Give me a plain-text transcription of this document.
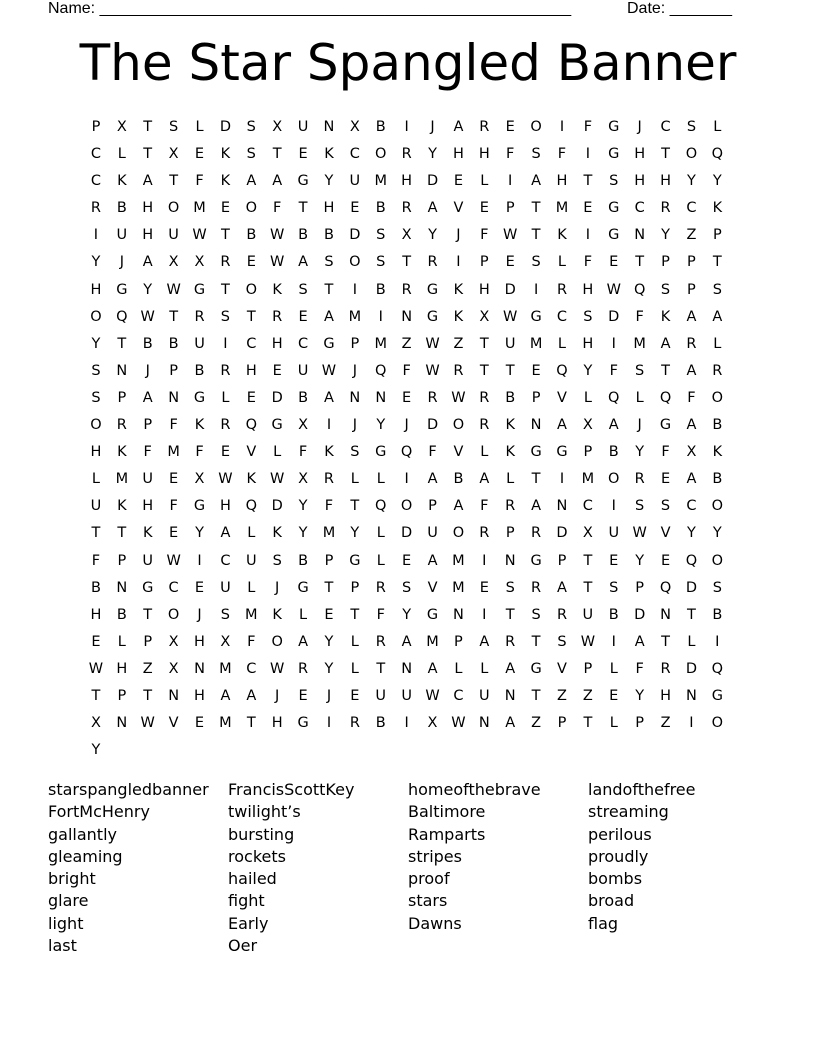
Name: _____________________________________________________	Date: _______
The Star Spangled Banner
P	X	T	S	L	D	S	X	U	N	X	B	I	J	A	R	E	O	I	F	G	J	C	S	L
C	L	T	X	E	K	S	T	E	K	C	O	R	Y	H	H	F	S	F	I	G	H	T	O Q
C	K	A	T	F	K	A	A	G	Y	U M H	D	E	L	I	A	H	T	S	H	H	Y	Y
R	B	H	O M	E	O	F	T	H	E	B	R	A	V	E	P	T	M	E	G	C	R	C	K
I	U	H	U W T	B W B	B	D	S	X	Y	J	F	W T	K	I	G	N	Y	Z	P
Y	J	A	X	X	R	E W A	S	O	S	T	R	I	P	E	S	L	F	E	T	P	P	T
H	G	Y W G	T	O	K	S	T	I	B	R	G	K	H	D	I	R	H W Q	S	P	S
O Q W T	R	S	T	R	E	A	M	I	N	G	K	X W G	C	S	D	F	K	A	A
Y	T	B	B	U	I	C	H	C	G	P	M	Z W Z	T	U M	L	H	I	M	A	R	L
S	N	J	P	B	R	H	E	U W	J	Q	F	W R	T	T	E	Q	Y	F	S	T	A	R
S	P	A	N	G	L	E	D	B	A	N	N	E	R W R	B	P	V	L	Q	L	Q	F	O
O	R	P	F	K	R	Q	G	X	I	J	Y	J	D	O	R	K	N	A	X	A	J	G	A	B
H	K	F	M	F	E	V	L	F	K	S	G	Q	F	V	L	K	G	G	P	B	Y	F	X	K
L	M U	E	X W K W X	R	L	L	I	A	B	A	L	T	I	M O	R	E	A	B
U	K	H	F	G	H	Q	D	Y	F	T	Q O	P	A	F	R	A	N	C	I	S	S	C	O
T	T	K	E	Y	A	L	K	Y	M	Y	L	D	U	O	R	P	R	D	X	U W V	Y	Y
F	P	U W	I	C	U	S	B	P	G	L	E	A	M	I	N	G	P	T	E	Y	E	Q O
B	N	G	C	E	U	L	J	G	T	P	R	S	V	M	E	S	R	A	T	S	P	Q	D	S
H	B	T	O	J	S	M	K	L	E	T	F	Y	G	N	I	T	S	R	U	B	D	N	T	B
E	L	P	X	H	X	F	O	A	Y	L	R	A	M	P	A	R	T	S W	I	A	T	L	I
W H	Z	X	N M	C W R	Y	L	T	N	A	L	L	A	G	V	P	L	F	R	D	Q
T	P	T	N	H	A	A	J	E	J	E	U	U W C	U	N	T	Z	Z	E	Y	H	N	G
X	N W V	E	M	T	H	G	I	R	B	I	X W N	A	Z	P	T	L	P	Z	I	O
Y
starspangledbanner
FortMcHenry
gallantly
gleaming
bright
glare
light
last
FrancisScottKey
twilight’s
bursting
rockets
hailed
fight
Early
Oer
homeofthebrave
Baltimore
Ramparts
stripes
proof
stars
Dawns
landofthefree
streaming
perilous
proudly
bombs
broad
flag
